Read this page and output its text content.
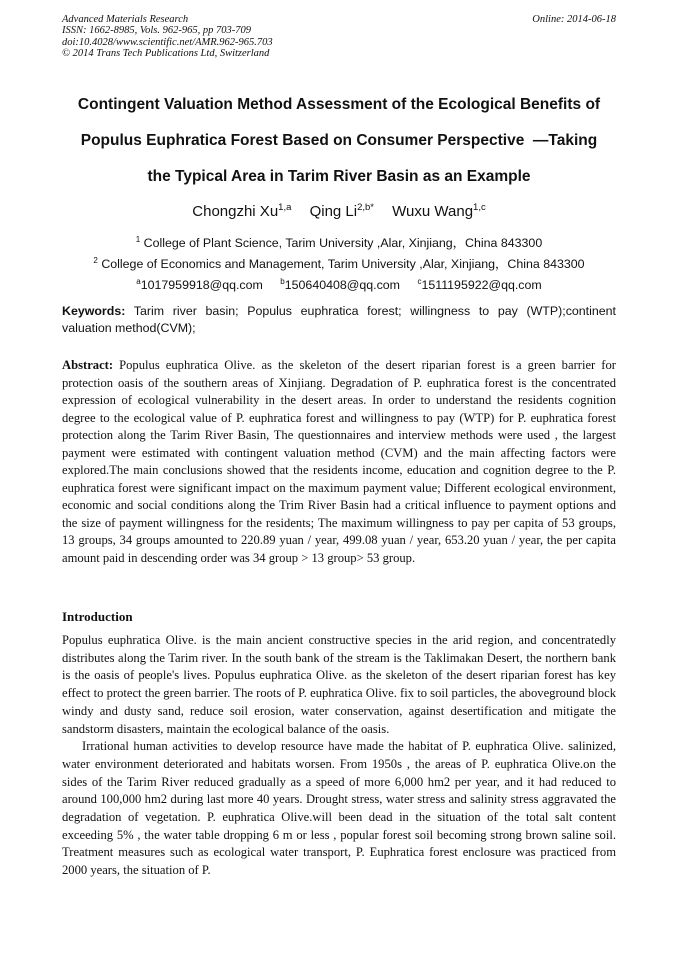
Advanced Materials Research
ISSN: 1662-8985, Vols. 962-965, pp 703-709
doi:10.4028/www.scientific.net/AMR.962-965.703
© 2014 Trans Tech Publications Ltd, Switzerland
Online: 2014-06-18
Contingent Valuation Method Assessment of the Ecological Benefits of
Populus Euphratica Forest Based on Consumer Perspective  —Taking
the Typical Area in Tarim River Basin as an Example
Chongzhi Xu$^{1,a}$ Qing $Li^{2,b*}$ Wuxu Wang$^{1,c}$
$^1$ College of Plant Science, Tarim University ,Alar, Xinjiang，China 843300
$^2$ College of Economics and Management, Tarim University ,Alar, Xinjiang，China 843300
$^a$1017959918@qq.com $^b$150640408@qq.com $^c$1511195922@qq.com
Keywords: Tarim river basin; Populus euphratica forest; willingness to pay (WTP);continent valuation method(CVM);
Abstract: Populus euphratica Olive. as the skeleton of the desert riparian forest is a green barrier for protection oasis of the southern areas of Xinjiang. Degradation of P. euphratica forest is the concentrated expression of ecological vulnerability in the desert areas. In order to understand the residents cognition degree to the ecological value of P. euphratica forest and willingness to pay (WTP) for P. euphratica forest protection along the Tarim River Basin, The questionnaires and interview methods were used , the largest payment were estimated with contingent valuation method (CVM) and the main affecting factors were explored.The main conclusions showed that the residents income, education and cognition degree to the P. euphratica forest were significant impact on the maximum payment value; Different ecological environment, economic and social conditions along the Trim River Basin had a critical influence to payment options and the size of payment willingness for the residents; The maximum willingness to pay per capita of 53 groups, 13 groups, 34 groups amounted to 220.89 yuan / year, 499.08 yuan / year, 653.20 yuan / year, the per capita amount paid in descending order was 34 group > 13 group> 53 group.
Introduction

Populus euphratica Olive. is the main ancient constructive species in the arid region, and concentratedly distributes along the Tarim river. In the south bank of the stream is the Taklimakan Desert, the northern bank is the oasis of people's lives. Populus euphratica Olive. as the skeleton of the desert riparian forest has key effect to protect the green barrier. The roots of P. euphratica Olive. fix to soil particles, the aboveground block windy and dusty sand, reduce soil erosion, water conservation, against desertification and mitigate the sandstorm disasters, maintain the ecological balance of the oasis.

Irrational human activities to develop resource have made the habitat of P. euphratica Olive. salinized, water environment deteriorated and habitats worsen. From 1950s , the areas of P. euphratica Olive.on the sides of the Tarim River reduced gradually as a speed of more 6,000 hm2 per year, and it had reduced to around 100,000 hm2 during last more 40 years. Drought stress, water stress and salinity stress aggravated the degradation of vegetation. P. euphratica Olive.will been dead in the situation of the total salt content exceeding 5% , the water table dropping 6 m or less , popular forest soil becoming strong brown saline soil. Treatment measures such as ecological water transport, P. Euphratica forest enclosure was practiced from 2000 years, the situation of P.
